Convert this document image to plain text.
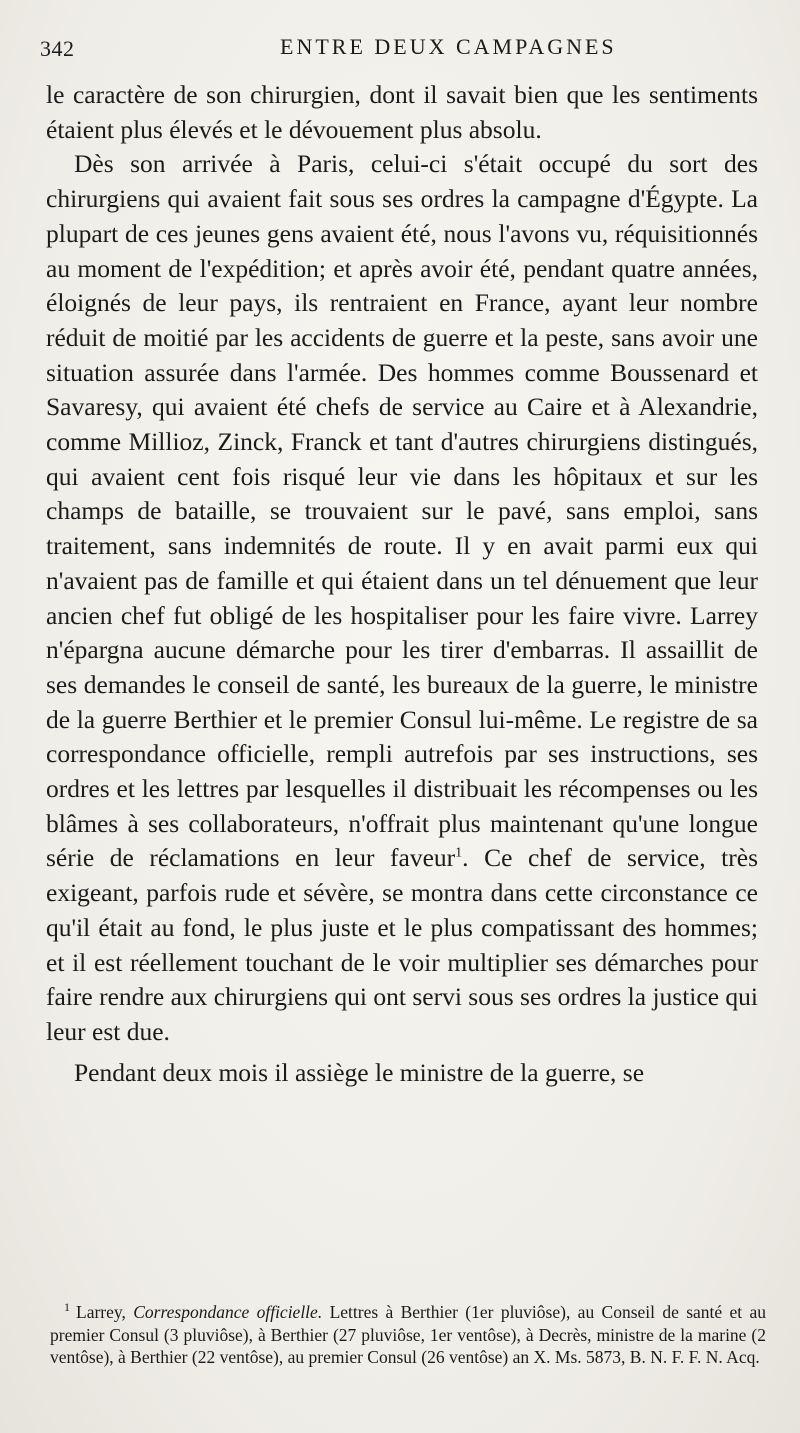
342	ENTRE DEUX CAMPAGNES

le caractère de son chirurgien, dont il savait bien que les sentiments étaient plus élevés et le dévouement plus absolu.

Dès son arrivée à Paris, celui-ci s'était occupé du sort des chirurgiens qui avaient fait sous ses ordres la campagne d'Égypte. La plupart de ces jeunes gens avaient été, nous l'avons vu, réquisitionnés au moment de l'expédition; et après avoir été, pendant quatre années, éloignés de leur pays, ils rentraient en France, ayant leur nombre réduit de moitié par les accidents de guerre et la peste, sans avoir une situation assurée dans l'armée. Des hommes comme Boussenard et Savaresy, qui avaient été chefs de service au Caire et à Alexandrie, comme Millioz, Zinck, Franck et tant d'autres chirurgiens distingués, qui avaient cent fois risqué leur vie dans les hôpitaux et sur les champs de bataille, se trouvaient sur le pavé, sans emploi, sans traitement, sans indemnités de route. Il y en avait parmi eux qui n'avaient pas de famille et qui étaient dans un tel dénuement que leur ancien chef fut obligé de les hospitaliser pour les faire vivre. Larrey n'épargna aucune démarche pour les tirer d'embarras. Il assaillit de ses demandes le conseil de santé, les bureaux de la guerre, le ministre de la guerre Berthier et le premier Consul lui-même. Le registre de sa correspondance officielle, rempli autrefois par ses instructions, ses ordres et les lettres par lesquelles il distribuait les récompenses ou les blâmes à ses collaborateurs, n'offrait plus maintenant qu'une longue série de réclamations en leur faveur$^1$. Ce chef de service, très exigeant, parfois rude et sévère, se montra dans cette circonstance ce qu'il était au fond, le plus juste et le plus compatissant des hommes; et il est réellement touchant de le voir multiplier ses démarches pour faire rendre aux chirurgiens qui ont servi sous ses ordres la justice qui leur est due.

Pendant deux mois il assiège le ministre de la guerre, se

$^1$ Larrey, Correspondance officielle. Lettres à Berthier (1er pluviôse), au Conseil de santé et au premier Consul (3 pluviôse), à Berthier (27 pluviôse, 1er ventôse), à Decrès, ministre de la marine (2 ventôse), à Berthier (22 ventôse), au premier Consul (26 ventôse) an X. Ms. 5873, B. N. F. F. N. Acq.
